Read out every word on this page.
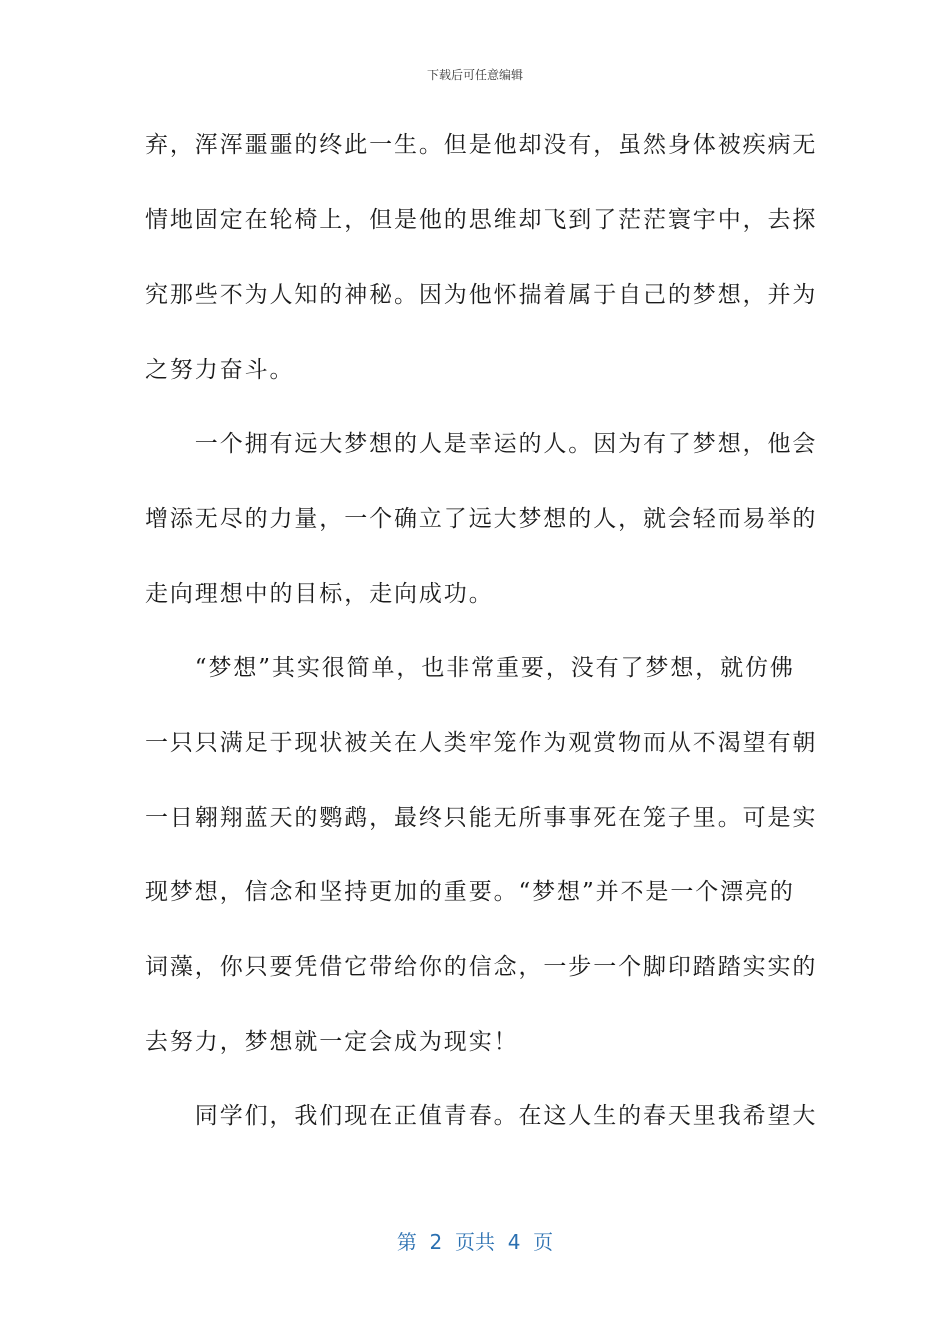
下载后可任意编辑
弃，浑浑噩噩的终此一生。但是他却没有，虽然身体被疾病无
情地固定在轮椅上，但是他的思维却飞到了茫茫寰宇中，去探
究那些不为人知的神秘。因为他怀揣着属于自己的梦想，并为
之努力奋斗。
　　一个拥有远大梦想的人是幸运的人。因为有了梦想，他会
增添无尽的力量，一个确立了远大梦想的人，就会轻而易举的
走向理想中的目标，走向成功。
　　“梦想”其实很简单，也非常重要，没有了梦想，就仿佛
一只只满足于现状被关在人类牢笼作为观赏物而从不渴望有朝
一日翱翔蓝天的鹦鹉，最终只能无所事事死在笼子里。可是实
现梦想，信念和坚持更加的重要。“梦想”并不是一个漂亮的
词藻，你只要凭借它带给你的信念，一步一个脚印踏踏实实的
去努力，梦想就一定会成为现实！
　　同学们，我们现在正值青春。在这人生的春天里我希望大
第  2  页共  4  页
